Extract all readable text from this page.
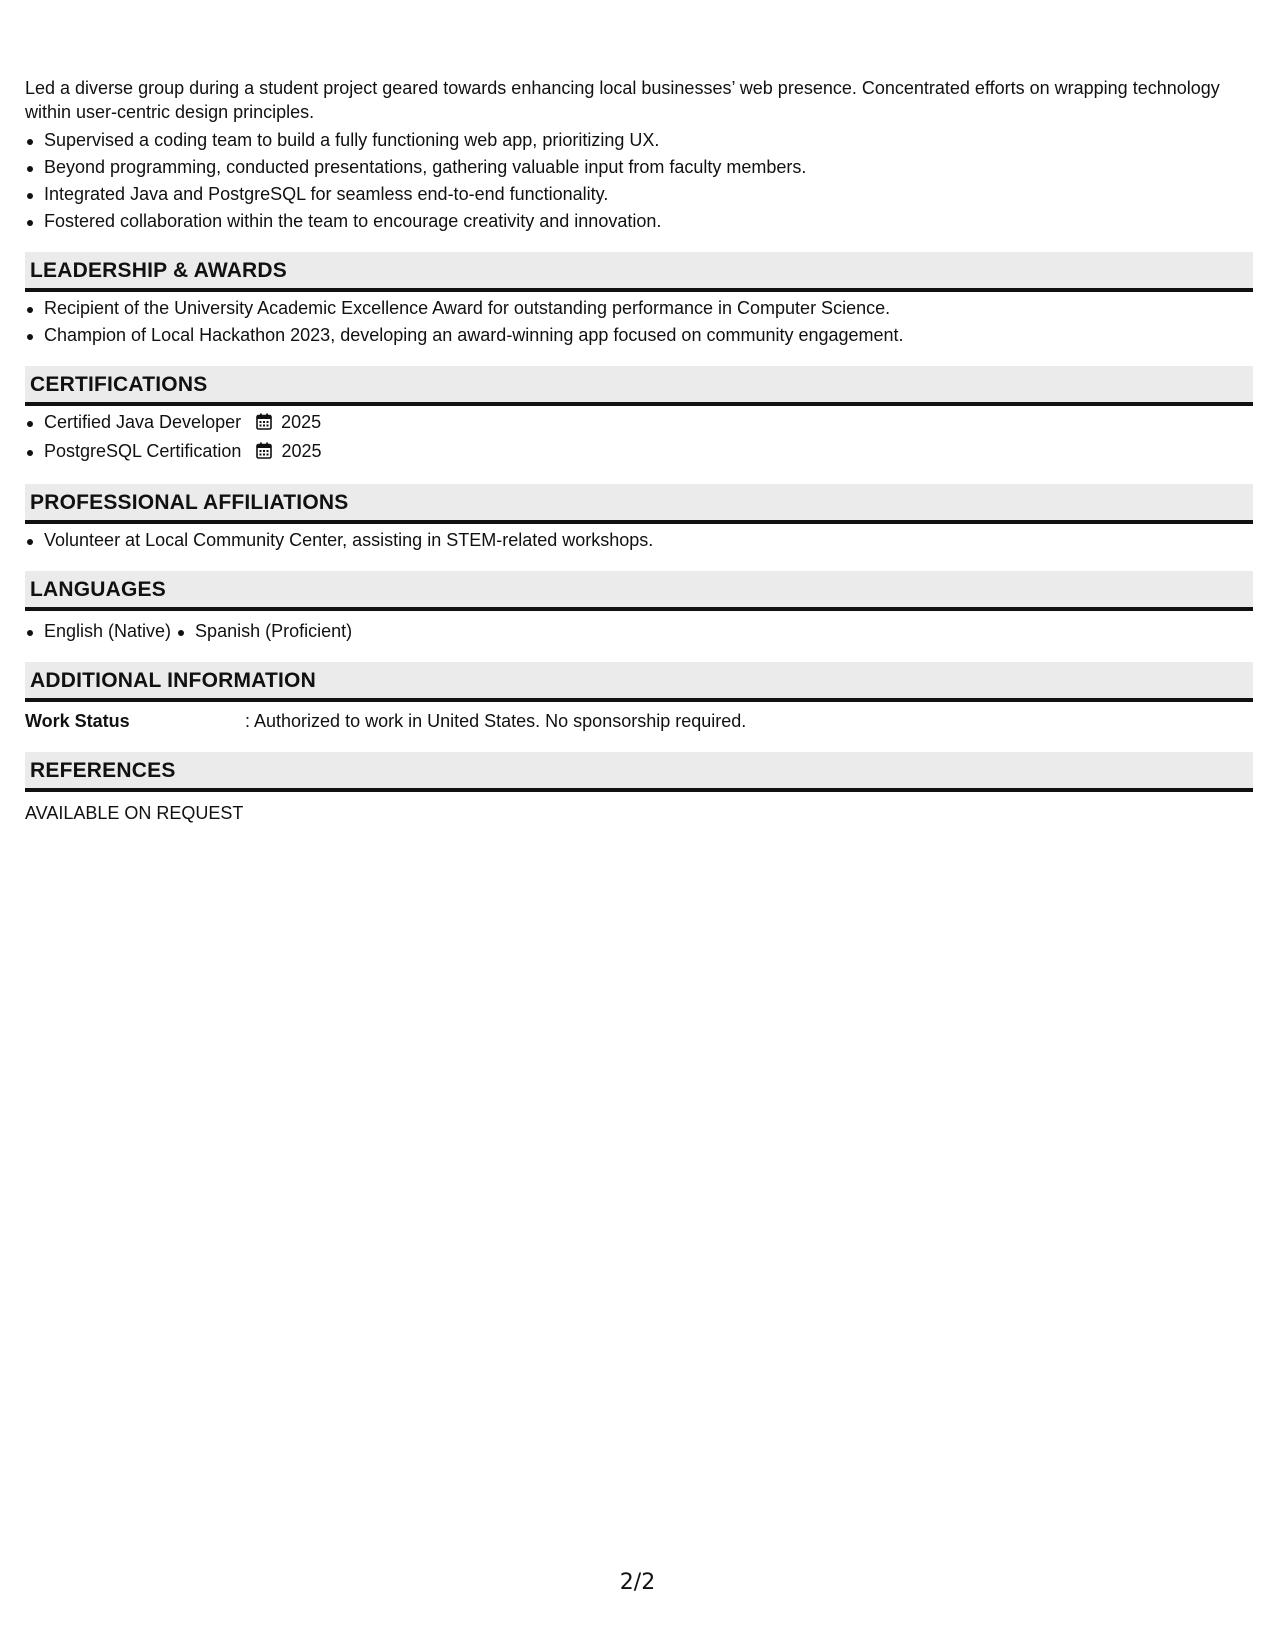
Led a diverse group during a student project geared towards enhancing local businesses’ web presence. Concentrated efforts on wrapping technology within user-centric design principles.

Supervised a coding team to build a fully functioning web app, prioritizing UX.
Beyond programming, conducted presentations, gathering valuable input from faculty members.
Integrated Java and PostgreSQL for seamless end-to-end functionality.
Fostered collaboration within the team to encourage creativity and innovation.
LEADERSHIP & AWARDS
Recipient of the University Academic Excellence Award for outstanding performance in Computer Science.
Champion of Local Hackathon 2023, developing an award-winning app focused on community engagement.
CERTIFICATIONS
Certified Java Developer 2025
PostgreSQL Certification 2025
PROFESSIONAL AFFILIATIONS
Volunteer at Local Community Center, assisting in STEM-related workshops.
LANGUAGES
English (Native) Spanish (Proficient)
ADDITIONAL INFORMATION
Work Status	: Authorized to work in United States. No sponsorship required.
REFERENCES
AVAILABLE ON REQUEST
2/2
